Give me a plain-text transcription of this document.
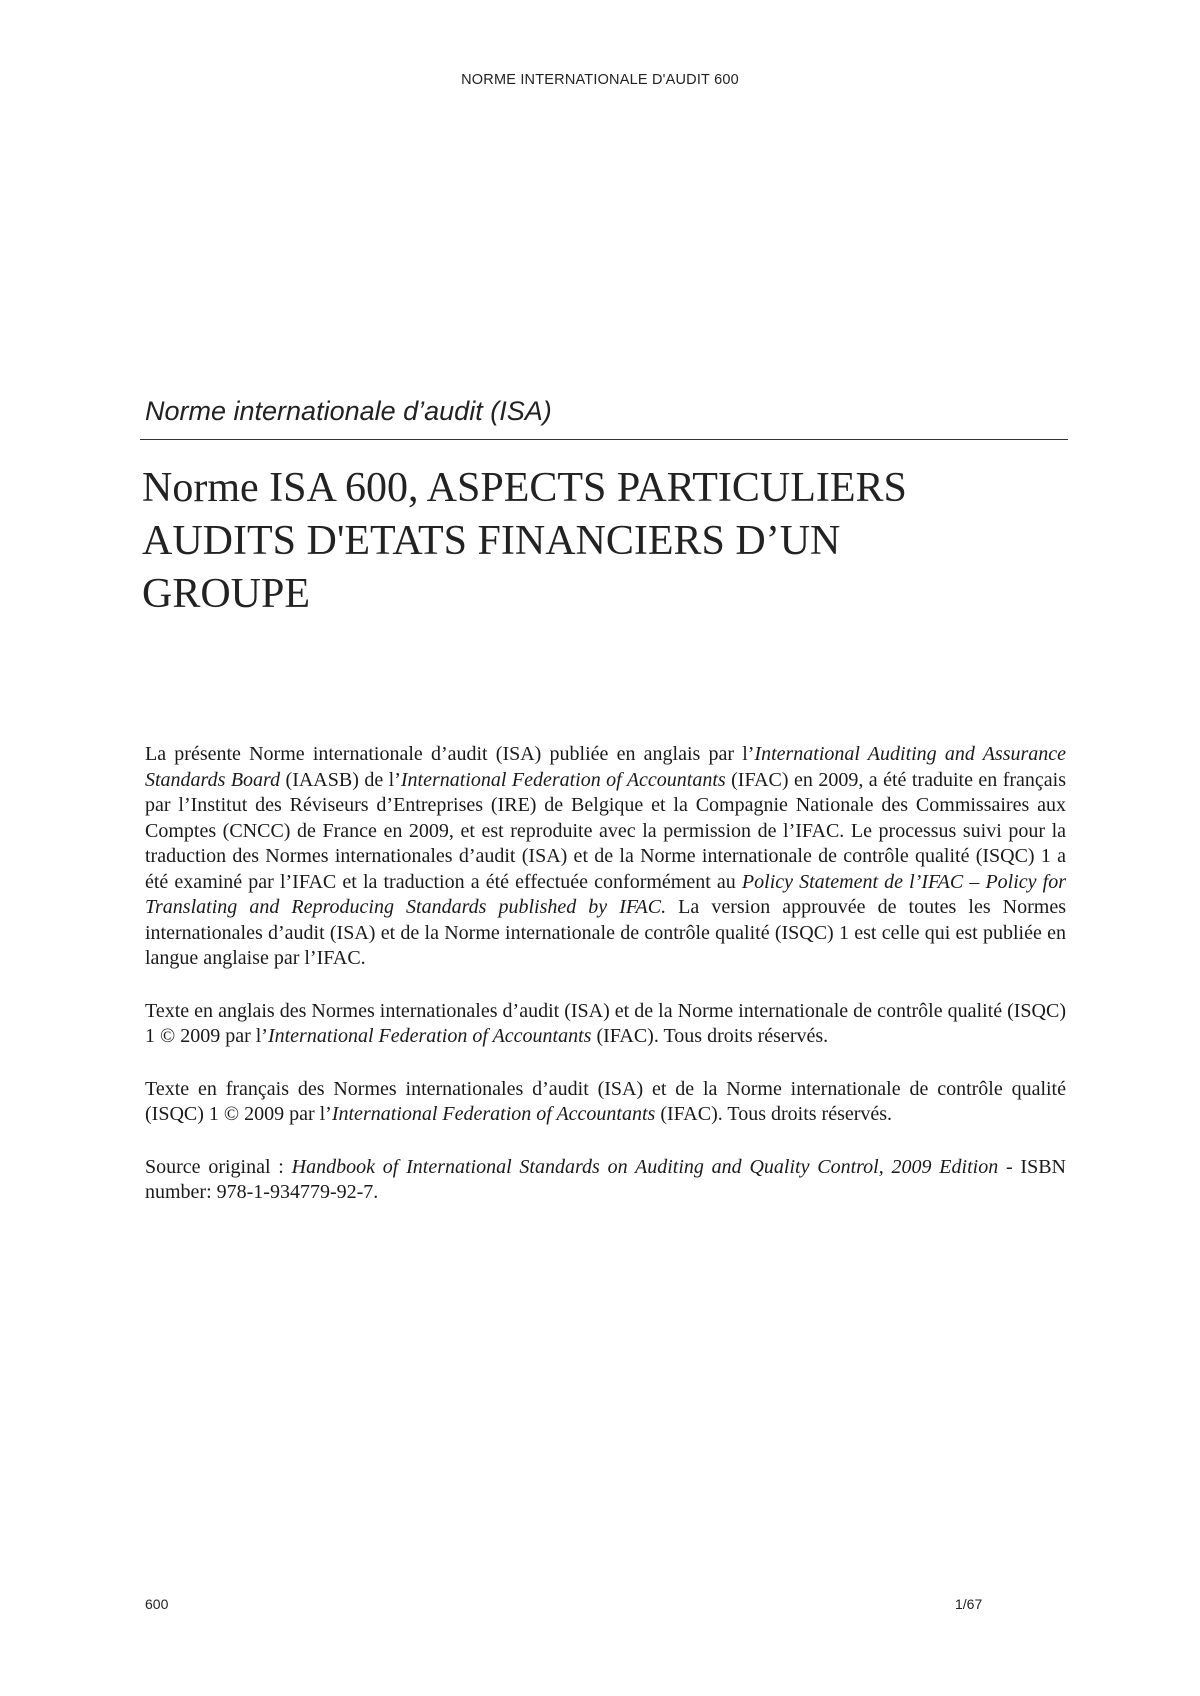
NORME INTERNATIONALE D'AUDIT 600
Norme internationale d’audit (ISA)
Norme ISA 600, ASPECTS PARTICULIERS
AUDITS D'ETATS FINANCIERS D’UN
GROUPE

La présente Norme internationale d’audit (ISA) publiée en anglais par l’International Auditing and Assurance Standards Board (IAASB) de l’International Federation of Accountants (IFAC) en 2009, a été traduite en français par l’Institut des Réviseurs d’Entreprises (IRE) de Belgique et la Compagnie Nationale des Commissaires aux Comptes (CNCC) de France en 2009, et est reproduite avec la permission de l’IFAC. Le processus suivi pour la traduction des Normes internationales d’audit (ISA) et de la Norme internationale de contrôle qualité (ISQC) 1 a été examiné par l’IFAC et la traduction a été effectuée conformément au Policy Statement de l’IFAC – Policy for Translating and Reproducing Standards published by IFAC. La version approuvée de toutes les Normes internationales d’audit (ISA) et de la Norme internationale de contrôle qualité (ISQC) 1 est celle qui est publiée en langue anglaise par l’IFAC.

Texte en anglais des Normes internationales d’audit (ISA) et de la Norme internationale de contrôle qualité (ISQC) 1 © 2009 par l’International Federation of Accountants (IFAC). Tous droits réservés.

Texte en français des Normes internationales d’audit (ISA) et de la Norme internationale de contrôle qualité (ISQC) 1 © 2009 par l’International Federation of Accountants (IFAC). Tous droits réservés.

Source original : Handbook of International Standards on Auditing and Quality Control, 2009 Edition - ISBN number: 978-1-934779-92-7.

600	1/67
